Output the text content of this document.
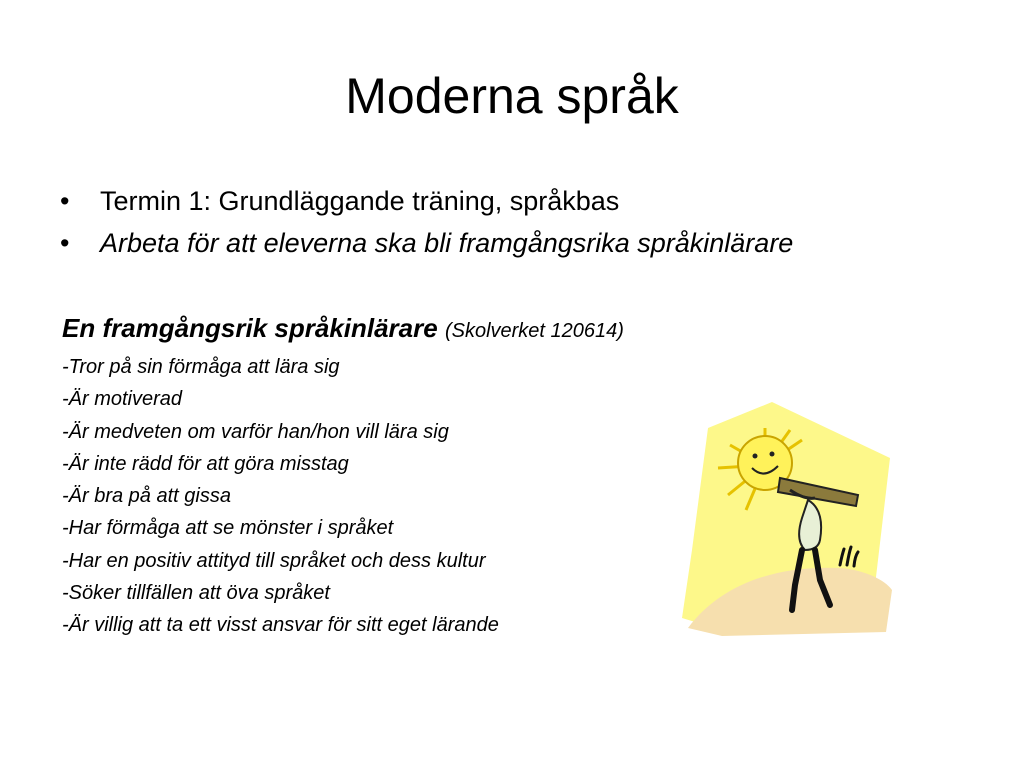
Moderna språk
•	Termin 1: Grundläggande träning, språkbas
•	Arbeta för att eleverna ska bli framgångsrika språkinlärare
En framgångsrik språkinlärare (Skolverket 120614)
-Tror på sin förmåga att lära sig
-Är motiverad
-Är medveten om varför han/hon vill lära sig
-Är inte rädd för att göra misstag
-Är bra på att gissa
-Har förmåga att se mönster i språket
-Har en positiv attityd till språket och dess kultur
-Söker tillfällen att öva språket
-Är villig att ta ett visst ansvar för sitt eget lärande
